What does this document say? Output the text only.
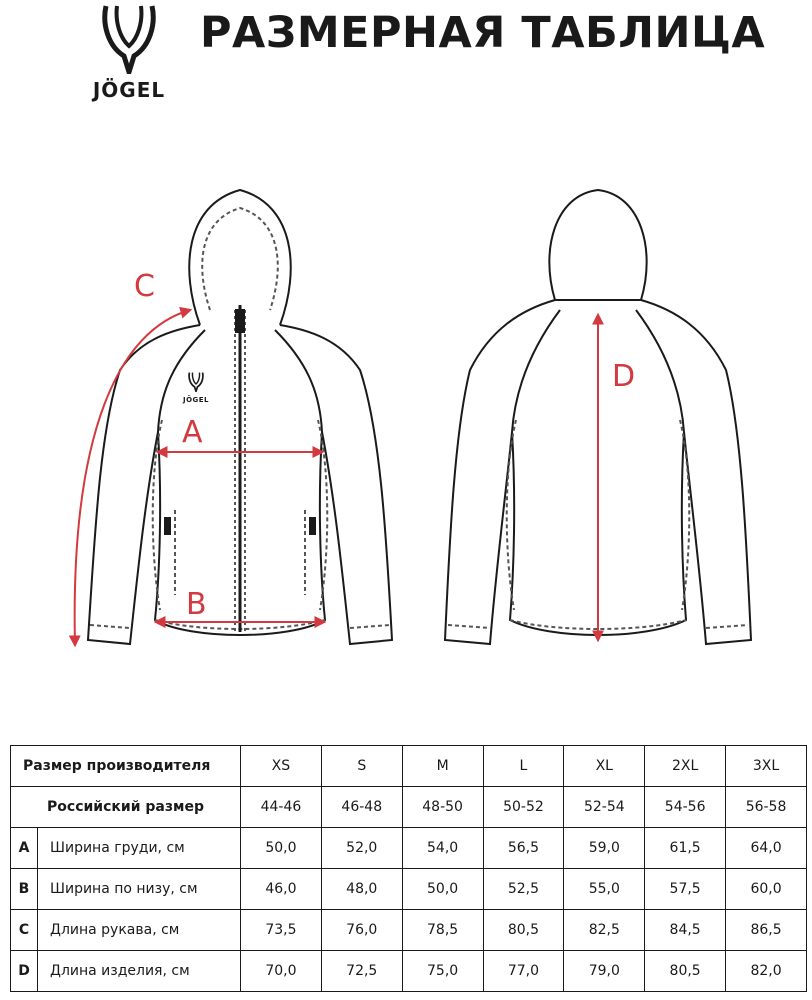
JÖGEL
РАЗМЕРНАЯ ТАБЛИЦА
C
A
B
D
JÖGEL
Размер производителя		XS	S	M	L	XL	2XL	3XL
Российский размер		44-46	46-48	48-50	50-52	52-54	54-56	56-58
A	Ширина груди, см	50,0	52,0	54,0	56,5	59,0	61,5	64,0
B	Ширина по низу, см	46,0	48,0	50,0	52,5	55,0	57,5	60,0
C	Длина рукава, см	73,5	76,0	78,5	80,5	82,5	84,5	86,5
D	Длина изделия, см	70,0	72,5	75,0	77,0	79,0	80,5	82,0
